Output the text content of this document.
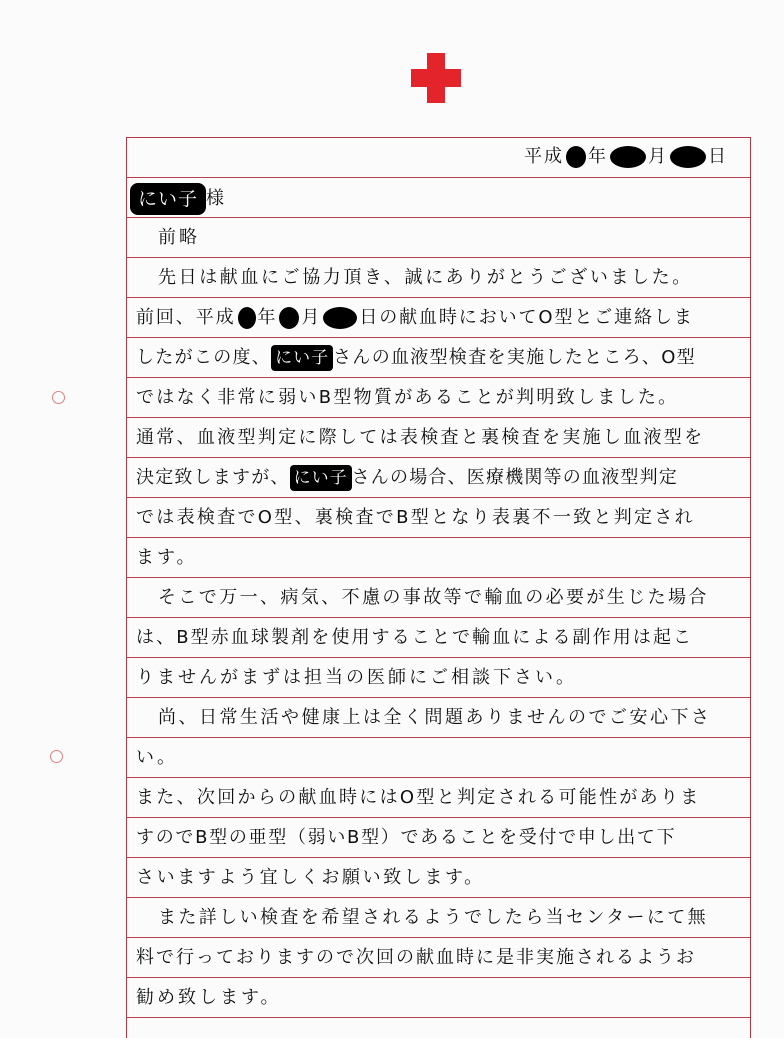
平成 年 月 日
にい子 様
前略
先日は献血にご協力頂き、誠にありがとうございました。
前回、平成 年 月 日の献血時においてO型とご連絡しま
したがこの度、 にい子 さんの血液型検査を実施したところ、O型
ではなく非常に弱いB型物質があることが判明致しました。
通常、血液型判定に際しては表検査と裏検査を実施し血液型を
決定致しますが、 にい子 さんの場合、医療機関等の血液型判定
では表検査でO型、裏検査でB型となり表裏不一致と判定され
ます。
そこで万一、病気、不慮の事故等で輸血の必要が生じた場合
は、B型赤血球製剤を使用することで輸血による副作用は起こ
りませんがまずは担当の医師にご相談下さい。
尚、日常生活や健康上は全く問題ありませんのでご安心下さ
い。
また、次回からの献血時にはO型と判定される可能性がありま
すのでB型の亜型（弱いB型）であることを受付で申し出て下
さいますよう宜しくお願い致します。
また詳しい検査を希望されるようでしたら当センターにて無
料で行っておりますので次回の献血時に是非実施されるようお
勧め致します。
